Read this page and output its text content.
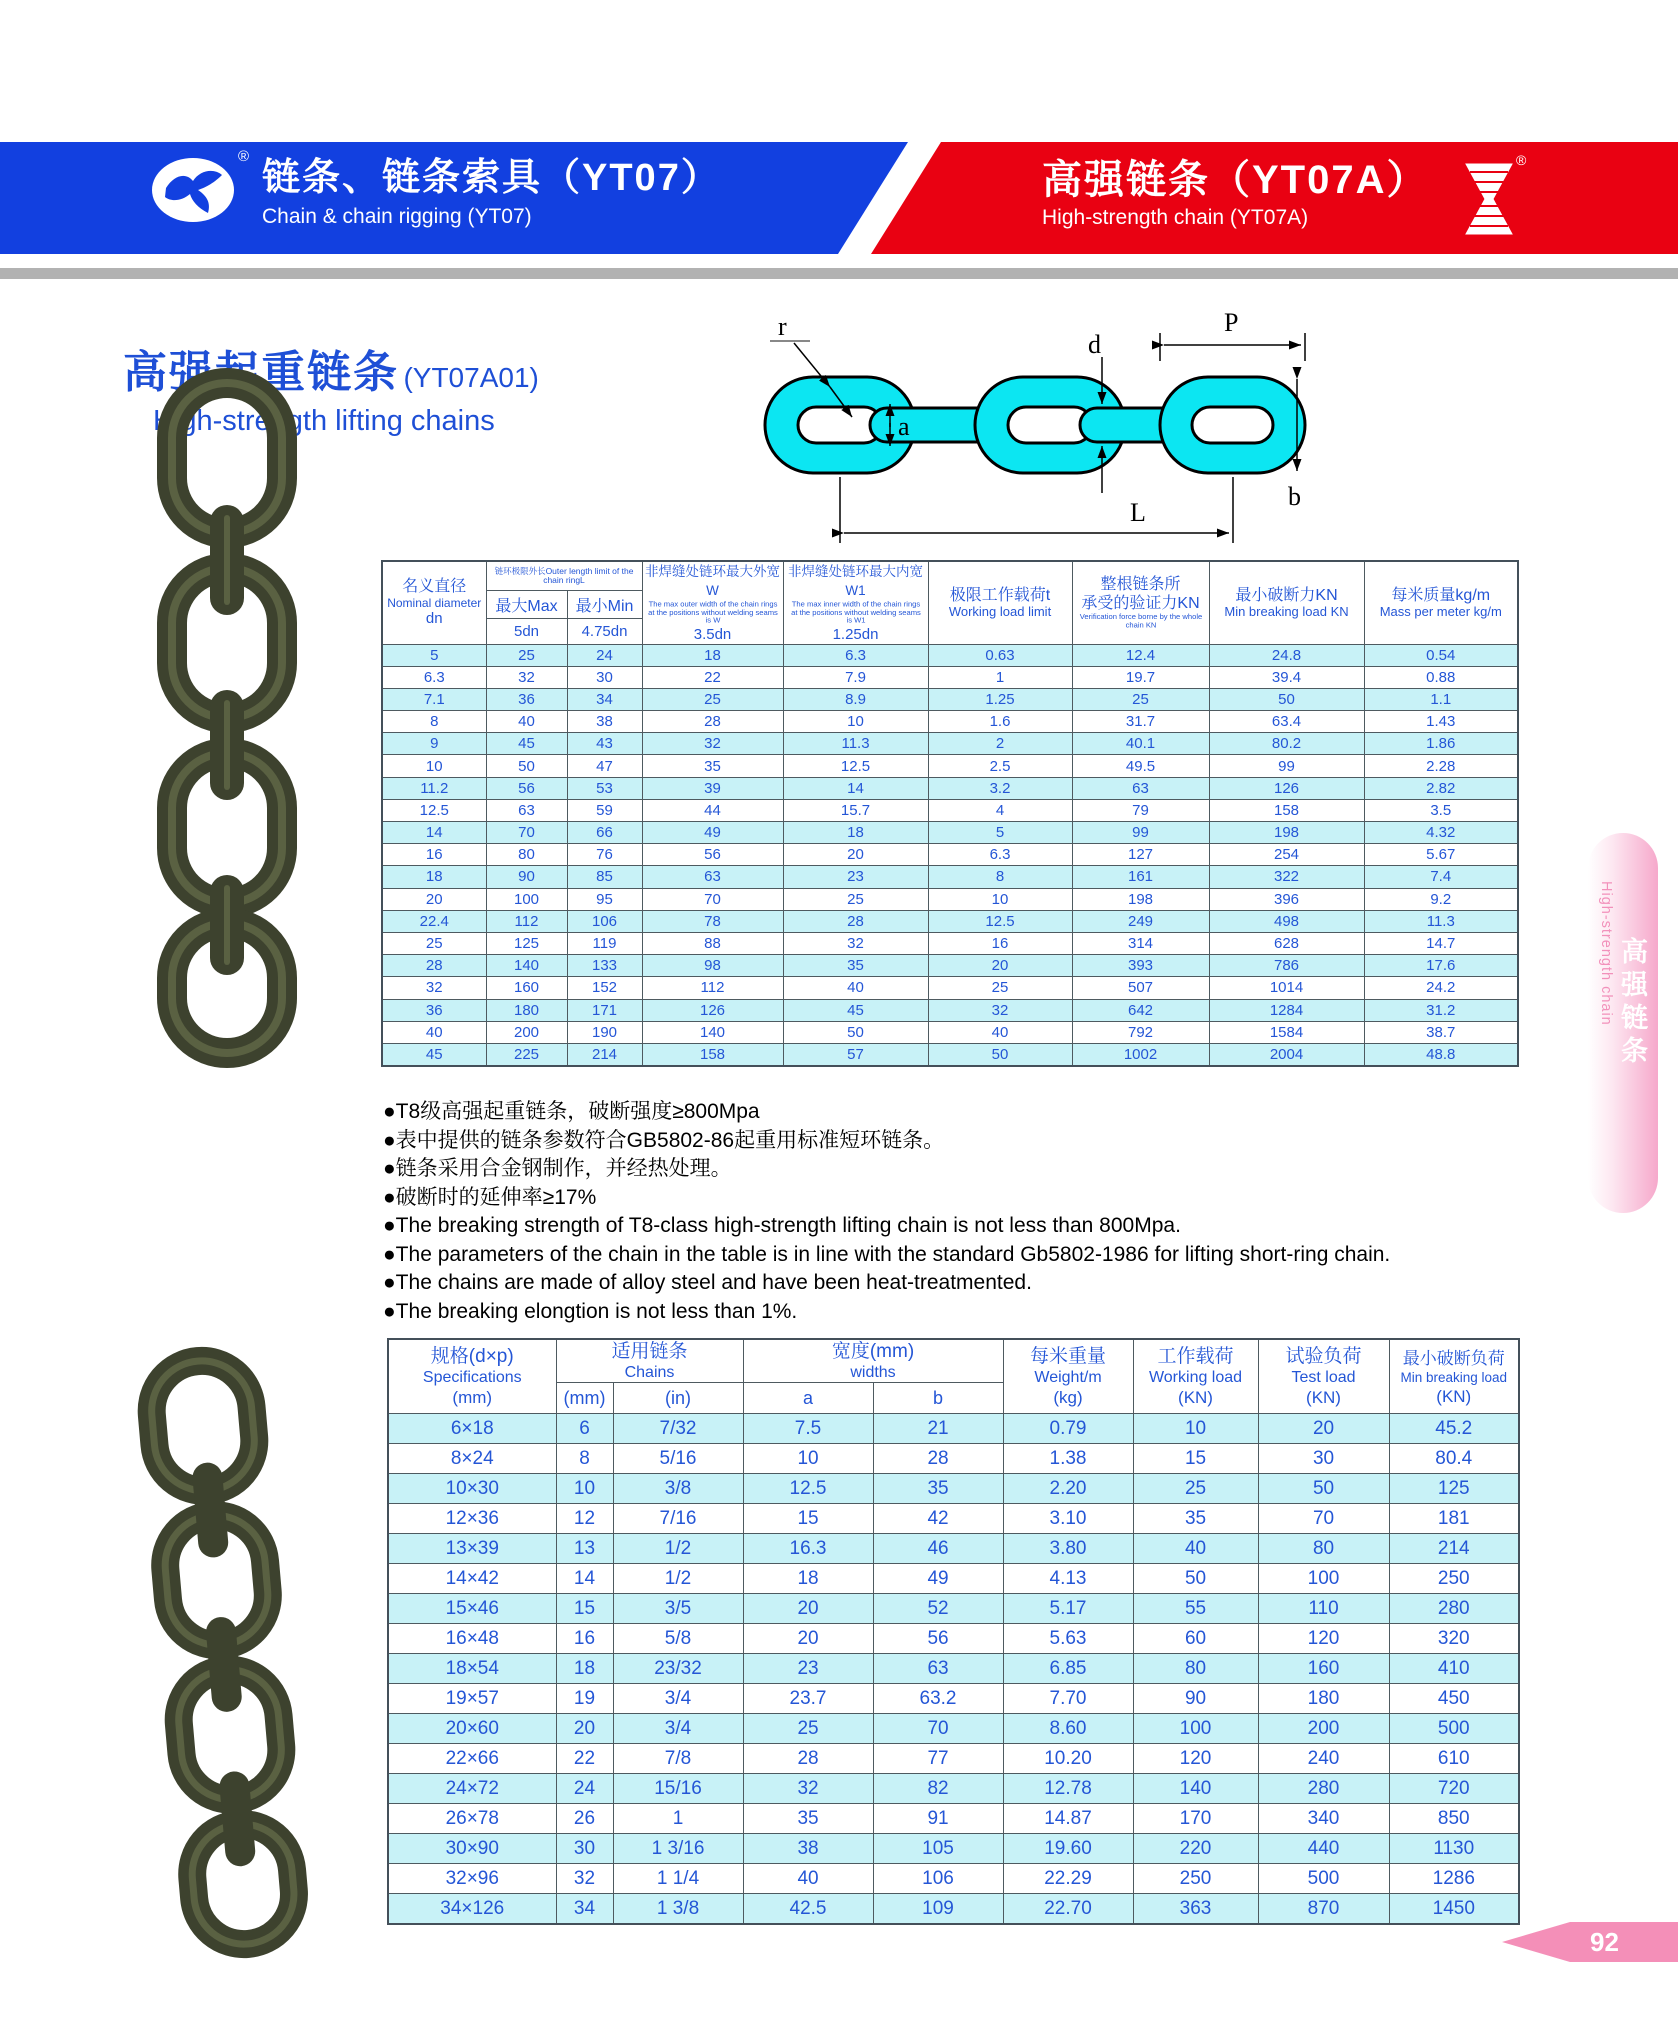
®
链条、链条索具（YT07）
Chain & chain rigging (YT07)
高强链条（YT07A）
High-strength chain (YT07A)
®
高强起重链条 (YT07A01)
High-strength lifting chains
r
d
a
P
b
L
名义直径
Nominal diameter
dn	链环极限外长Outer length limit of the chain ringL		非焊缝处链环最大外宽W
The max outer width of the chain rings at the positions without welding seams is W
3.5dn	非焊缝处链环最大内宽W1
The max inner width of the chain rings at the positions without welding seams is W1
1.25dn	极限工作载荷t
Working load limit	整根链条所
承受的验证力KN
Verification force borne by the whole chain KN	最小破断力KN
Min breaking load KN	每米质量kg/m
Mass per meter kg/m

	最大Max	最小Min						
	5dn	4.75dn						
5	25	24	18	6.3	0.63	12.4	24.8	0.54
6.3	32	30	22	7.9	1	19.7	39.4	0.88
7.1	36	34	25	8.9	1.25	25	50	1.1
8	40	38	28	10	1.6	31.7	63.4	1.43
9	45	43	32	11.3	2	40.1	80.2	1.86
10	50	47	35	12.5	2.5	49.5	99	2.28
11.2	56	53	39	14	3.2	63	126	2.82
12.5	63	59	44	15.7	4	79	158	3.5
14	70	66	49	18	5	99	198	4.32
16	80	76	56	20	6.3	127	254	5.67
18	90	85	63	23	8	161	322	7.4
20	100	95	70	25	10	198	396	9.2
22.4	112	106	78	28	12.5	249	498	11.3
25	125	119	88	32	16	314	628	14.7
28	140	133	98	35	20	393	786	17.6
32	160	152	112	40	25	507	1014	24.2
36	180	171	126	45	32	642	1284	31.2
40	200	190	140	50	40	792	1584	38.7
45	225	214	158	57	50	1002	2004	48.8
●T8级高强起重链条，破断强度≥800Mpa
●表中提供的链条参数符合GB5802-86起重用标准短环链条。
●链条采用合金钢制作，并经热处理。
●破断时的延伸率≥17%
●The breaking strength of T8-class high-strength lifting chain is not less than 800Mpa.
●The parameters of the chain in the table is in line with the standard Gb5802-1986 for lifting short-ring chain.
●The chains are made of alloy steel and have been heat-treatmented.
●The breaking elongtion is not less than 1%.
规格(d×p)
Specifications
(mm)	适用链条
Chains		宽度(mm)
widths		每米重量
Weight/m
(kg)	工作载荷
Working load
(KN)	试验负荷
Test load
(KN)	最小破断负荷
Min breaking load
(KN)

	(mm)	(in)	a	b				
6×18	6	7/32	7.5	21	0.79	10	20	45.2
8×24	8	5/16	10	28	1.38	15	30	80.4
10×30	10	3/8	12.5	35	2.20	25	50	125
12×36	12	7/16	15	42	3.10	35	70	181
13×39	13	1/2	16.3	46	3.80	40	80	214
14×42	14	1/2	18	49	4.13	50	100	250
15×46	15	3/5	20	52	5.17	55	110	280
16×48	16	5/8	20	56	5.63	60	120	320
18×54	18	23/32	23	63	6.85	80	160	410
19×57	19	3/4	23.7	63.2	7.70	90	180	450
20×60	20	3/4	25	70	8.60	100	200	500
22×66	22	7/8	28	77	10.20	120	240	610
24×72	24	15/16	32	82	12.78	140	280	720
26×78	26	1	35	91	14.87	170	340	850
30×90	30	1 3/16	38	105	19.60	220	440	1130
32×96	32	1 1/4	40	106	22.29	250	500	1286
34×126	34	1 3/8	42.5	109	22.70	363	870	1450
高强链条
High-strength chain
92
